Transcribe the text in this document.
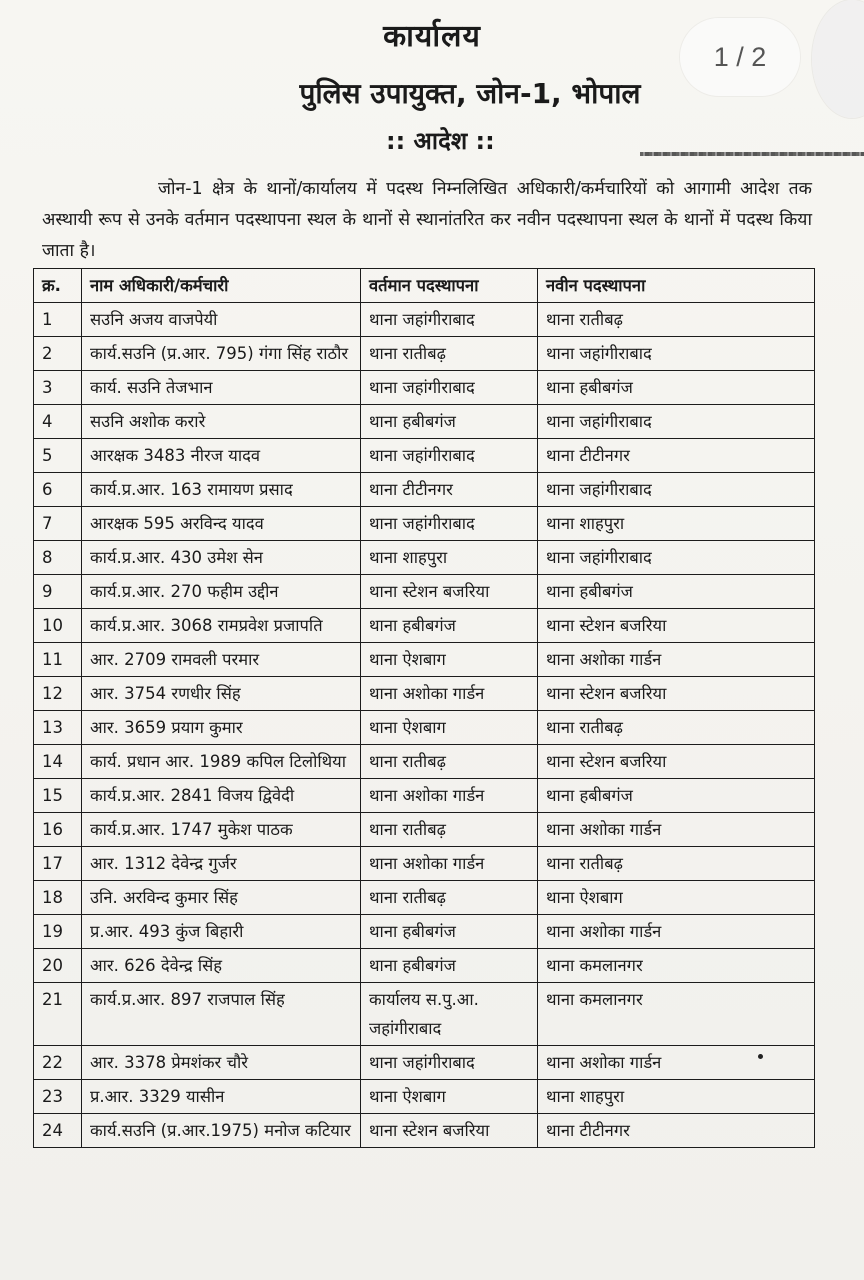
कार्यालय
पुलिस उपायुक्त, जोन-1, भोपाल
:: आदेश ::
जोन-1 क्षेत्र के थानों/कार्यालय में पदस्थ निम्नलिखित अधिकारी/कर्मचारियों को आगामी आदेश तक अस्थायी रूप से उनके वर्तमान पदस्थापना स्थल के थानों से स्थानांतरित कर नवीन पदस्थापना स्थल के थानों में पदस्थ किया जाता है।
क्र.	नाम अधिकारी/कर्मचारी	वर्तमान पदस्थापना	नवीन पदस्थापना
1	सउनि अजय वाजपेयी	थाना जहांगीराबाद	थाना रातीबढ़
2	कार्य.सउनि (प्र.आर. 795) गंगा सिंह राठौर	थाना रातीबढ़	थाना जहांगीराबाद
3	कार्य. सउनि तेजभान	थाना जहांगीराबाद	थाना हबीबगंज
4	सउनि अशोक करारे	थाना हबीबगंज	थाना जहांगीराबाद
5	आरक्षक 3483 नीरज यादव	थाना जहांगीराबाद	थाना टीटीनगर
6	कार्य.प्र.आर. 163 रामायण प्रसाद	थाना टीटीनगर	थाना जहांगीराबाद
7	आरक्षक 595 अरविन्द यादव	थाना जहांगीराबाद	थाना शाहपुरा
8	कार्य.प्र.आर. 430 उमेश सेन	थाना शाहपुरा	थाना जहांगीराबाद
9	कार्य.प्र.आर. 270 फहीम उद्दीन	थाना स्टेशन बजरिया	थाना हबीबगंज
10	कार्य.प्र.आर. 3068 रामप्रवेश प्रजापति	थाना हबीबगंज	थाना स्टेशन बजरिया
11	आर. 2709 रामवली परमार	थाना ऐशबाग	थाना अशोका गार्डन
12	आर. 3754 रणधीर सिंह	थाना अशोका गार्डन	थाना स्टेशन बजरिया
13	आर. 3659 प्रयाग कुमार	थाना ऐशबाग	थाना रातीबढ़
14	कार्य. प्रधान आर. 1989 कपिल टिलोथिया	थाना रातीबढ़	थाना स्टेशन बजरिया
15	कार्य.प्र.आर. 2841 विजय द्विवेदी	थाना अशोका गार्डन	थाना हबीबगंज
16	कार्य.प्र.आर. 1747 मुकेश पाठक	थाना रातीबढ़	थाना अशोका गार्डन
17	आर. 1312 देवेन्द्र गुर्जर	थाना अशोका गार्डन	थाना रातीबढ़
18	उनि. अरविन्द कुमार सिंह	थाना रातीबढ़	थाना ऐशबाग
19	प्र.आर. 493 कुंज बिहारी	थाना हबीबगंज	थाना अशोका गार्डन
20	आर. 626 देवेन्द्र सिंह	थाना हबीबगंज	थाना कमलानगर
21	कार्य.प्र.आर. 897 राजपाल सिंह	कार्यालय स.पु.आ. जहांगीराबाद	थाना कमलानगर
22	आर. 3378 प्रेमशंकर चौरे	थाना जहांगीराबाद	थाना अशोका गार्डन
23	प्र.आर. 3329 यासीन	थाना ऐशबाग	थाना शाहपुरा
24	कार्य.सउनि (प्र.आर.1975) मनोज कटियार	थाना स्टेशन बजरिया	थाना टीटीनगर
1 / 2
